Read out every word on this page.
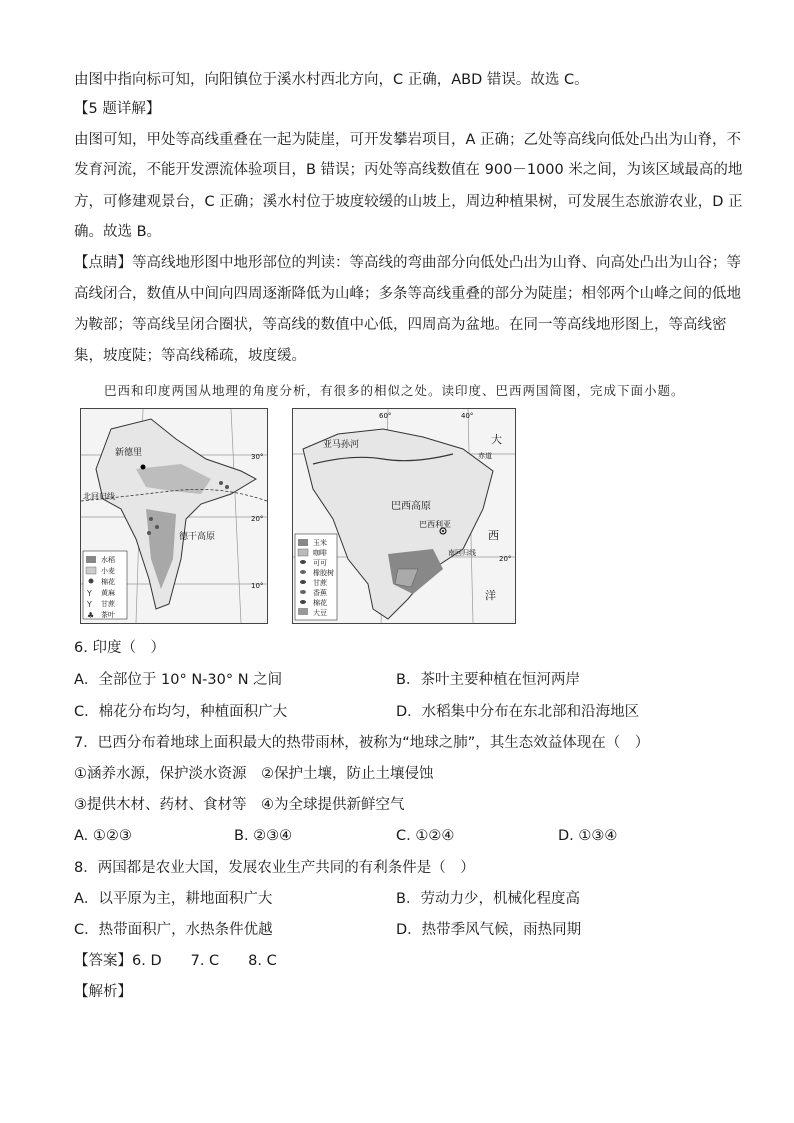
由图中指向标可知，向阳镇位于溪水村西北方向，C 正确，ABD 错误。故选 C。
【5 题详解】
由图可知，甲处等高线重叠在一起为陡崖，可开发攀岩项目，A 正确；乙处等高线向低处凸出为山脊，不
发育河流，不能开发漂流体验项目，B 错误；丙处等高线数值在 900－1000 米之间，为该区域最高的地
方，可修建观景台，C 正确；溪水村位于坡度较缓的山坡上，周边种植果树，可发展生态旅游农业，D 正
确。故选 B。
【点睛】等高线地形图中地形部位的判读：等高线的弯曲部分向低处凸出为山脊、向高处凸出为山谷；等
高线闭合，数值从中间向四周逐渐降低为山峰；多条等高线重叠的部分为陡崖；相邻两个山峰之间的低地
为鞍部；等高线呈闭合圈状，等高线的数值中心低，四周高为盆地。在同一等高线地形图上，等高线密
集，坡度陡；等高线稀疏，坡度缓。
巴西和印度两国从地理的角度分析，有很多的相似之处。读印度、巴西两国简图，完成下面小题。
新德里
北回归线
德干高原
30°
20°
10°
水稻
小麦
棉花
黄麻
甘蔗
茶叶
Y
Y
♣
亚马孙河
巴西高原
巴西利亚
南回归线
大
西
洋
赤道
60°	40°
20°
玉米
咖啡
可可
橡胶树
甘蔗
香蕉
棉花
大豆
6. 印度（　）
A．全部位于 10° N-30° N 之间	B．茶叶主要种植在恒河两岸
C．棉花分布均匀，种植面积广大	D．水稻集中分布在东北部和沿海地区
7．巴西分布着地球上面积最大的热带雨林，被称为“地球之肺”，其生态效益体现在（　）
①涵养水源，保护淡水资源　②保护土壤，防止土壤侵蚀
③提供木材、药材、食材等　④为全球提供新鲜空气
A. ①②③	B. ②③④	C. ①②④	D. ①③④
8．两国都是农业大国，发展农业生产共同的有利条件是（　）
A．以平原为主，耕地面积广大	B．劳动力少，机械化程度高
C．热带面积广，水热条件优越	D．热带季风气候，雨热同期
【答案】6. D　　7. C　　8. C
【解析】
